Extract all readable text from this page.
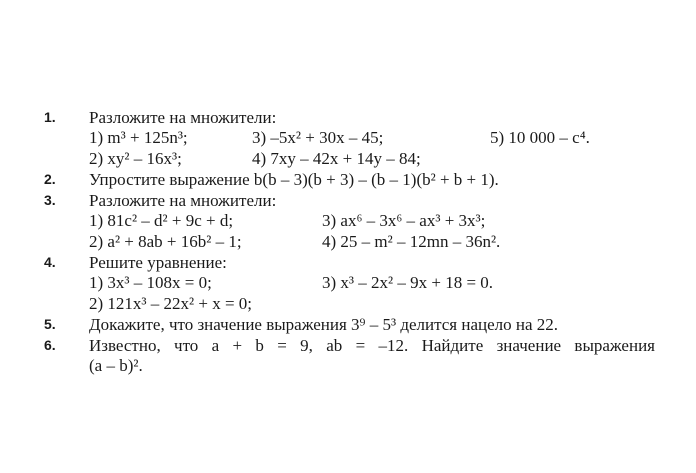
1. Разложите на множители:
1) m³ + 125n³;	3) –5x² + 30x – 45;	5) 10 000 – c⁴.
2) xy² – 16x³;	4) 7xy – 42x + 14y – 84;
2. Упростите выражение b(b – 3)(b + 3) – (b – 1)(b² + b + 1).
3. Разложите на множители:
1) 81c² – d² + 9c + d;	3) ax⁶ – 3x⁶ – ax³ + 3x³;
2) a² + 8ab + 16b² – 1;	4) 25 – m² – 12mn – 36n².
4. Решите уравнение:
1) 3x³ – 108x = 0;	3) x³ – 2x² – 9x + 18 = 0.
2) 121x³ – 22x² + x = 0;
5. Докажите, что значение выражения 3⁹ – 5³ делится нацело на 22.
6. Известно, что a + b = 9, ab = –12. Найдите значение выражения
(a – b)².
